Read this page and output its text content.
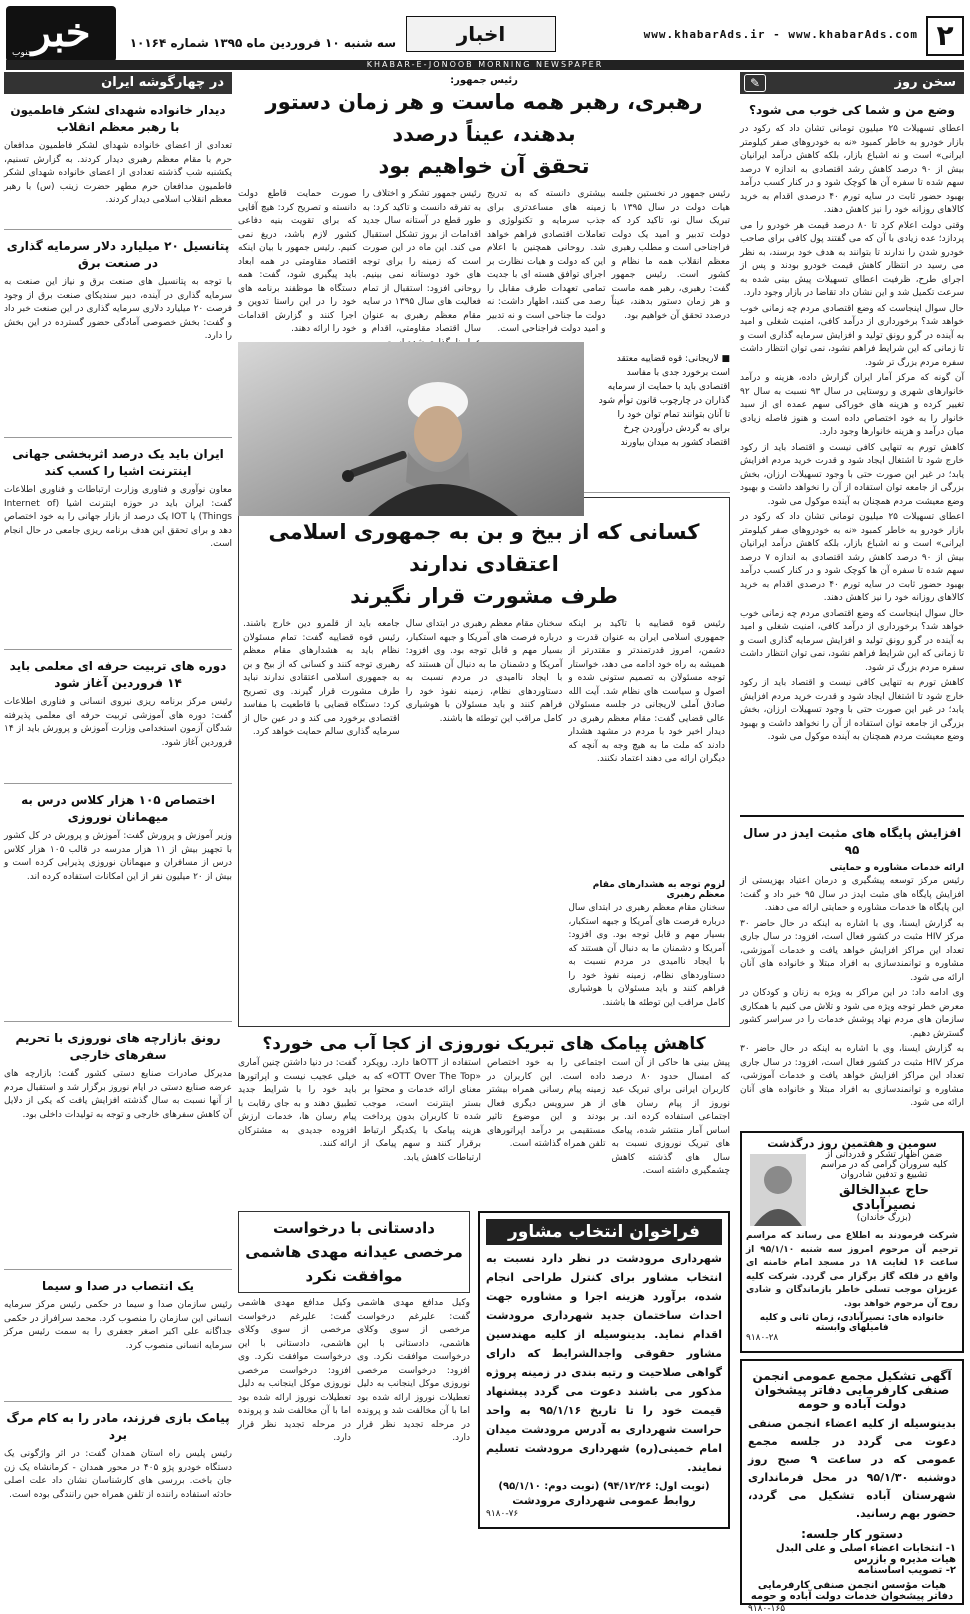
۲
www.khabarAds.ir - www.khabarAds.com
اخبار
سه شنبه ۱۰ فروردین ماه ۱۳۹۵ شماره ۱۰۱۶۴
خبر
جنوب
KHABAR-E-JONOOB MORNING NEWSPAPER
سخن روز
✎
وضع من و شما کی خوب می شود؟

اعطای تسهیلات ۲۵ میلیون تومانی تشان داد که رکود در بازار خودرو به خاطر کمبود «نه به خودروهای صفر کیلومتر ایرانی» است و نه اشباع بازار، بلکه کاهش درآمد ایرانیان بیش از ۹۰ درصد کاهش رشد اقتصادی به اندازه ۷ درصد سهم شده تا سفره آن ها کوچک شود و در کنار کسب درآمد بهبود حضور ثابت در سایه تورم ۴۰ درصدی اقدام به خرید کالاهای روزانه خود را نیز کاهش دهند.

وقتی دولت اعلام کرد تا ۸۰ درصد قیمت هر خودرو را می پردازد؛ عده زیادی با آن که می گفتند پول کافی برای صاحب خودرو شدن را ندارند تا بتوانند به هدف خود برسند، به نظر می رسید در انتظار کاهش قیمت خودرو بودند و پس از اجرای طرح، ظرفیت اعطای تسهیلات پیش بینی شده به سرعت تکمیل شد و این نشان داد تقاضا در بازار وجود دارد.

حال سوال اینجاست که وضع اقتصادی مردم چه زمانی خوب خواهد شد؟ برخورداری از درآمد کافی، امنیت شغلی و امید به آینده در گرو رونق تولید و افزایش سرمایه گذاری است و تا زمانی که این شرایط فراهم نشود، نمی توان انتظار داشت سفره مردم بزرگ تر شود.

آن گونه که مرکز آمار ایران گزارش داده، هزینه و درآمد خانوارهای شهری و روستایی در سال ۹۳ نسبت به سال ۹۲ تغییر کرده و هزینه های خوراکی سهم عمده ای از سبد خانوار را به خود اختصاص داده است و هنوز فاصله زیادی میان درآمد و هزینه خانوارها وجود دارد.

کاهش تورم به تنهایی کافی نیست و اقتصاد باید از رکود خارج شود تا اشتغال ایجاد شود و قدرت خرید مردم افزایش یابد؛ در غیر این صورت حتی با وجود تسهیلات ارزان، بخش بزرگی از جامعه توان استفاده از آن را نخواهد داشت و بهبود وضع معیشت مردم همچنان به آینده موکول می شود.

اعطای تسهیلات ۲۵ میلیون تومانی تشان داد که رکود در بازار خودرو به خاطر کمبود «نه به خودروهای صفر کیلومتر ایرانی» است و نه اشباع بازار، بلکه کاهش درآمد ایرانیان بیش از ۹۰ درصد کاهش رشد اقتصادی به اندازه ۷ درصد سهم شده تا سفره آن ها کوچک شود و در کنار کسب درآمد بهبود حضور ثابت در سایه تورم ۴۰ درصدی اقدام به خرید کالاهای روزانه خود را نیز کاهش دهند.

حال سوال اینجاست که وضع اقتصادی مردم چه زمانی خوب خواهد شد؟ برخورداری از درآمد کافی، امنیت شغلی و امید به آینده در گرو رونق تولید و افزایش سرمایه گذاری است و تا زمانی که این شرایط فراهم نشود، نمی توان انتظار داشت سفره مردم بزرگ تر شود.

کاهش تورم به تنهایی کافی نیست و اقتصاد باید از رکود خارج شود تا اشتغال ایجاد شود و قدرت خرید مردم افزایش یابد؛ در غیر این صورت حتی با وجود تسهیلات ارزان، بخش بزرگی از جامعه توان استفاده از آن را نخواهد داشت و بهبود وضع معیشت مردم همچنان به آینده موکول می شود.

افزایش پایگاه های مثبت ایدز در سال ۹۵
ارائه خدمات مشاوره و حمایتی

رئیس مرکز توسعه پیشگیری و درمان اعتیاد بهزیستی از افزایش پایگاه های مثبت ایدز در سال ۹۵ خبر داد و گفت: این پایگاه ها خدمات مشاوره و حمایتی ارائه می دهند.

به گزارش ایسنا، وی با اشاره به اینکه در حال حاضر ۳۰ مرکز HIV مثبت در کشور فعال است، افزود: در سال جاری تعداد این مراکز افزایش خواهد یافت و خدمات آموزشی، مشاوره و توانمندسازی به افراد مبتلا و خانواده های آنان ارائه می شود.

وی ادامه داد: در این مراکز به ویژه به زنان و کودکان در معرض خطر توجه ویژه می شود و تلاش می کنیم با همکاری سازمان های مردم نهاد پوشش خدمات را در سراسر کشور گسترش دهیم.

به گزارش ایسنا، وی با اشاره به اینکه در حال حاضر ۳۰ مرکز HIV مثبت در کشور فعال است، افزود: در سال جاری تعداد این مراکز افزایش خواهد یافت و خدمات آموزشی، مشاوره و توانمندسازی به افراد مبتلا و خانواده های آنان ارائه می شود.

سومین و هفتمین روز درگذشت
ضمن اظهار تشکر و قدردانی از
کلیه سروران گرامی که در مراسم
تشییع و تدفین شادروان
حاج عبدالخالق نصیرآبادی
(بزرگ خاندان)
شرکت فرمودند به اطلاع می رساند که مراسم ترحیم آن مرحوم امروز سه شنبه ۹۵/۱/۱۰ از ساعت ۱۶ لغایت ۱۸ در مسجد امام خامنه ای واقع در فلکه گاز برگزار می گردد. شرکت کلیه عزیزان موجب تسلی خاطر بازماندگان و شادی روح آن مرحوم خواهد بود.
خانواده های: نصیرآبادی، زمان ثانی و کلیه فامیلهای وابسته
۹۱۸۰-۲۸
آگهی تشکیل مجمع عمومی انجمن صنفی کارفرمایی دفاتر پیشخوان دولت آباده و حومه
بدینوسیله از کلیه اعضاء انجمن صنفی دعوت می گردد در جلسه مجمع عمومی که در ساعت ۹ صبح روز دوشنبه ۹۵/۱/۳۰ در محل فرمانداری شهرستان آباده تشکیل می گردد، حضور بهم رسانید.
دستور کار جلسه:
۱- انتخابات اعضاء اصلی و علی البدل هیات مدیره و بازرس
۲- تصویب اساسنامه
هیات مؤسس انجمن صنفی کارفرمایی دفاتر پیشخوان خدمات دولت آباده و حومه
۹۱۸۰-۱۶۵
رئیس جمهور:
رهبری، رهبر همه ماست و هر زمان دستور بدهند، عیناً درصدد
تحقق آن خواهیم بود
رئیس جمهور در نخستین جلسه هیات دولت در سال ۱۳۹۵ با تبریک سال نو، تاکید کرد که دولت تدبیر و امید یک دولت فراجناحی است و مطلب رهبری معظم انقلاب همه ما نظام و کشور است. رئیس جمهور گفت: رهبری، رهبر همه ماست و هر زمان دستور بدهند، عیناً درصدد تحقق آن خواهیم بود.
بیشتری دانسته که به تدریج زمینه های مساعدتری برای جذب سرمایه و تکنولوژی و تعاملات اقتصادی فراهم خواهد شد. روحانی همچنین با اعلام این که دولت و هیات نظارت بر اجرای توافق هسته ای با جدیت تمامی تعهدات طرف مقابل را رصد می کنند، اظهار داشت: نه دولت ما جناحی است و نه تدبیر و امید دولت فراجناحی است.
رئیس جمهور تشکر و اختلاف را به تفرقه دانست و تاکید کرد: به طور قطع در آستانه سال جدید اقدامات از بروز تشکل استقبال می کند. این ماه در این صورت است که زمینه را برای توجه های خود دوستانه نمی بینیم. روحانی افزود: استقبال از تمام فعالیت های سال ۱۳۹۵ در سایه مقام معظم رهبری به عنوان سال اقتصاد مقاومتی، اقدام و
صورت حمایت قاطع دولت دانسته و تصریح کرد: هیچ آقایی که برای تقویت بنیه دفاعی کشور لازم باشد، دریغ نمی کنیم. رئیس جمهور با بیان اینکه اقتصاد مقاومتی در همه ابعاد باید پیگیری شود، گفت: همه دستگاه ها موظفند برنامه های خود را در این راستا تدوین و اجرا کنند و گزارش اقدامات خود را ارائه دهند.
■ لاریجانی: قوه قضاییه معتقد است برخورد جدی با مفاسد اقتصادی باید با حمایت از سرمایه گذاران در چارچوب قانون توأم شود تا آنان بتوانند تمام توان خود را برای به گردش درآوردن چرخ اقتصاد کشور به میدان بیاورند
کسانی که از بیخ و بن به جمهوری اسلامی اعتقادی ندارند
طرف مشورت قرار نگیرند
رئیس قوه قضاییه با تاکید بر اینکه جمهوری اسلامی ایران به عنوان قدرت و دشمن، امروز قدرتمندتر و مقتدرتر از همیشه به راه خود ادامه می دهد، خواستار توجه مسئولان به تصمیم ستونی شده و اصول و سیاست های نظام شد. آیت الله صادق آملی لاریجانی در جلسه مسئولان عالی قضایی گفت: مقام معظم رهبری در دیدار اخیر خود با مردم در مشهد هشدار دادند که ملت ما به هیچ وجه به آنچه که دیگران ارائه می دهند اعتماد نکنند.
لزوم توجه به هشدارهای مقام معظم رهبری
سخنان مقام معظم رهبری در ابتدای سال درباره فرصت های آمریکا و جبهه استکبار، بسیار مهم و قابل توجه بود. وی افزود: آمریکا و دشمنان ما به دنبال آن هستند که با ایجاد ناامیدی در مردم نسبت به دستاوردهای نظام، زمینه نفوذ خود را فراهم کنند و باید مسئولان با هوشیاری کامل مراقب این توطئه ها باشند.
سخنان مقام معظم رهبری در ابتدای سال درباره فرصت های آمریکا و جبهه استکبار، بسیار مهم و قابل توجه بود. وی افزود: آمریکا و دشمنان ما به دنبال آن هستند که با ایجاد ناامیدی در مردم نسبت به دستاوردهای نظام، زمینه نفوذ خود را فراهم کنند و باید مسئولان با هوشیاری کامل مراقب این توطئه ها باشند.
جامعه باید از قلمرو دین خارج باشند. رئیس قوه قضاییه گفت: تمام مسئولان نظام باید به هشدارهای مقام معظم رهبری توجه کنند و کسانی که از بیخ و بن به جمهوری اسلامی اعتقادی ندارند نباید طرف مشورت قرار گیرند. وی تصریح کرد: دستگاه قضایی با قاطعیت با مفاسد اقتصادی برخورد می کند و در عین حال از سرمایه گذاری سالم حمایت خواهد کرد.
کاهش پیامک های تبریک نوروزی از کجا آب می خورد؟
پیش بینی ها حاکی از آن است که امسال حدود ۸۰ درصد کاربران ایرانی برای تبریک عید نوروز از پیام رسان های اجتماعی استفاده کرده اند. بر اساس آمار منتشر شده، پیامک های تبریک نوروزی نسبت به سال های گذشته کاهش چشمگیری داشته است.
اجتماعی را به خود اختصاص داده است. این کاربران در زمینه پیام رسانی همراه بیشتر از هر سرویس دیگری فعال بودند و این موضوع تاثیر مستقیمی بر درآمد اپراتورهای تلفن همراه گذاشته است.
استفاده از OTTها دارد. رویکرد «OTT Over The Top» که به معنای ارائه خدمات و محتوا بر بستر اینترنت است، موجب شده تا کاربران بدون پرداخت هزینه پیامک با یکدیگر ارتباط برقرار کنند و سهم پیامک از ارتباطات کاهش یابد.
گفت: در دنیا داشتن چنین آماری خیلی عجیب نیست و اپراتورها باید خود را با شرایط جدید تطبیق دهند و به جای رقابت با پیام رسان ها، خدمات ارزش افزوده جدیدی به مشترکان ارائه کنند.
فراخوان انتخاب مشاور
شهرداری مرودشت در نظر دارد نسبت به انتخاب مشاور برای کنترل طراحی انجام شده، برآورد هزینه اجرا و مشاوره جهت احداث ساختمان جدید شهرداری مرودشت اقدام نماید. بدینوسیله از کلیه مهندسین مشاور حقوقی واجدالشرایط که دارای گواهی صلاحیت و رتبه بندی در زمینه پروژه مذکور می باشند دعوت می گردد پیشنهاد قیمت خود را تا تاریخ ۹۵/۱/۱۶ به واحد حراست شهرداری به آدرس مرودشت میدان امام خمینی(ره) شهرداری مرودشت تسلیم نمایند.
(نوبت اول: ۹۴/۱۲/۲۶) (نوبت دوم: ۹۵/۱/۱۰)
روابط عمومی شهرداری مرودشت
۹۱۸۰-۷۶
دادستانی با درخواست مرخصی عیدانه مهدی هاشمی موافقت نکرد
وکیل مدافع مهدی هاشمی گفت: علیرغم درخواست مرخصی از سوی وکلای هاشمی، دادستانی با این درخواست موافقت نکرد. وی افزود: درخواست مرخصی نوروزی موکل اینجانب به دلیل تعطیلات نوروز ارائه شده بود اما با آن مخالفت شد و پرونده در مرحله تجدید نظر قرار دارد.
وکیل مدافع مهدی هاشمی گفت: علیرغم درخواست مرخصی از سوی وکلای هاشمی، دادستانی با این درخواست موافقت نکرد. وی افزود: درخواست مرخصی نوروزی موکل اینجانب به دلیل تعطیلات نوروز ارائه شده بود اما با آن مخالفت شد و پرونده در مرحله تجدید نظر قرار دارد.
در چهارگوشه ایران
دیدار خانواده شهدای لشکر فاطمیون با رهبر معظم انقلاب
تعدادی از اعضای خانواده شهدای لشکر فاطمیون مدافعان حرم با مقام معظم رهبری دیدار کردند. به گزارش تسنیم، یکشنبه شب گذشته تعدادی از اعضای خانواده شهدای لشکر فاطمیون مدافعان حرم مطهر حضرت زینب (س) با رهبر معظم انقلاب اسلامی دیدار کردند.
پتانسیل ۲۰ میلیارد دلار سرمایه گذاری در صنعت برق
با توجه به پتانسیل های صنعت برق و نیاز این صنعت به سرمایه گذاری در آینده، دبیر سندیکای صنعت برق از وجود فرصت ۲۰ میلیارد دلاری سرمایه گذاری در این صنعت خبر داد و گفت: بخش خصوصی آمادگی حضور گسترده در این بخش را دارد.
ایران باید یک درصد اثربخشی جهانی اینترنت اشیا را کسب کند
معاون نوآوری و فناوری وزارت ارتباطات و فناوری اطلاعات گفت: ایران باید در حوزه اینترنت اشیا (Internet of Things) یا IOT یک درصد از بازار جهانی را به خود اختصاص دهد و برای تحقق این هدف برنامه ریزی جامعی در حال انجام است.
دوره های تربیت حرفه ای معلمی باید ۱۴ فروردین آغاز شود
رئیس مرکز برنامه ریزی نیروی انسانی و فناوری اطلاعات گفت: دوره های آموزشی تربیت حرفه ای معلمی پذیرفته شدگان آزمون استخدامی وزارت آموزش و پرورش باید از ۱۴ فروردین آغاز شود.
اختصاص ۱۰۵ هزار کلاس درس به میهمانان نوروزی
وزیر آموزش و پرورش گفت: آموزش و پرورش در کل کشور با تجهیز بیش از ۱۱ هزار مدرسه در قالب ۱۰۵ هزار کلاس درس از مسافران و میهمانان نوروزی پذیرایی کرده است و بیش از ۲۰ میلیون نفر از این امکانات استفاده کرده اند.
رونق بازارچه های نوروزی با تحریم سفرهای خارجی
مدیرکل صادرات صنایع دستی کشور گفت: بازارچه های عرضه صنایع دستی در ایام نوروز برگزار شد و استقبال مردم از آنها نسبت به سال گذشته افزایش یافت که یکی از دلایل آن کاهش سفرهای خارجی و توجه به تولیدات داخلی بود.
یک انتصاب در صدا و سیما
رئیس سازمان صدا و سیما در حکمی رئیس مرکز سرمایه انسانی این سازمان را منصوب کرد. محمد سرافراز در حکمی جداگانه علی اکبر اصغر جعفری را به سمت رئیس مرکز سرمایه انسانی منصوب کرد.
پیامک بازی فرزند، مادر را به کام مرگ برد
رئیس پلیس راه استان همدان گفت: در اثر واژگونی یک دستگاه خودرو پژو ۴۰۵ در محور همدان - کرمانشاه یک زن جان باخت. بررسی های کارشناسان نشان داد علت اصلی حادثه استفاده راننده از تلفن همراه حین رانندگی بوده است.
